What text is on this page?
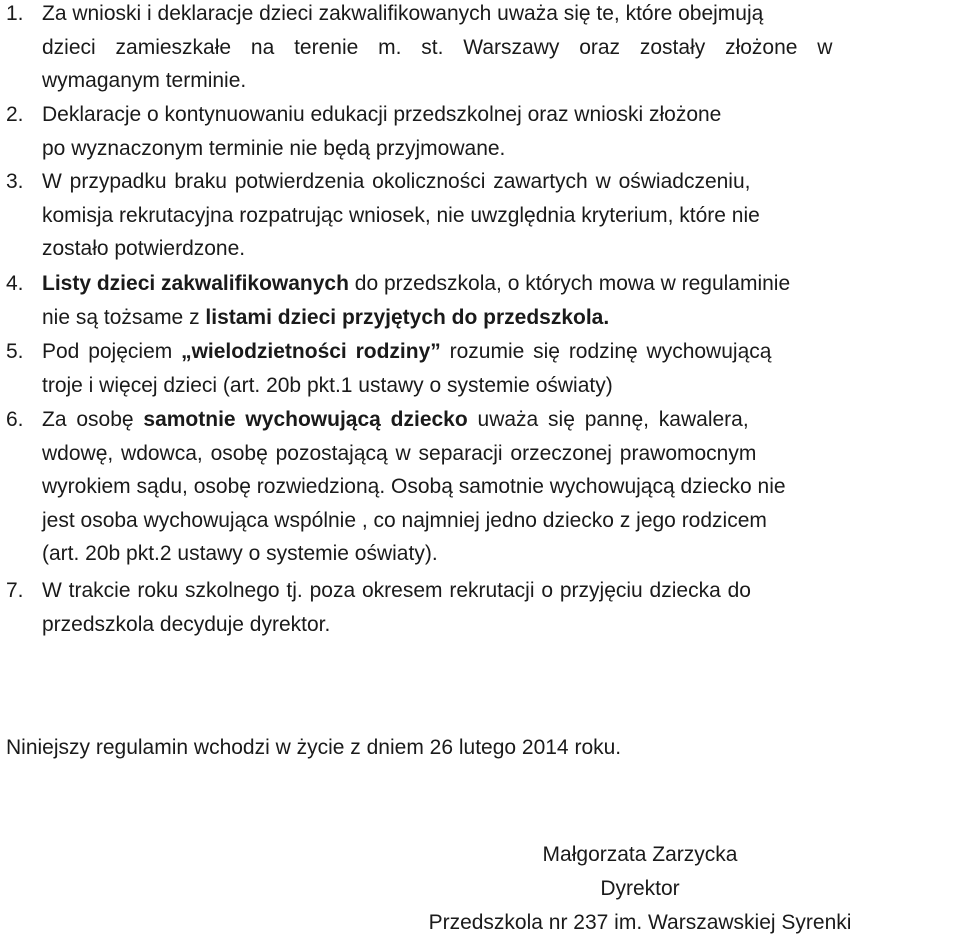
1. Za wnioski i deklaracje dzieci zakwalifikowanych uważa się te, które obejmują
dzieci zamieszkałe na terenie m. st. Warszawy oraz zostały złożone w
wymaganym terminie.
2. Deklaracje o kontynuowaniu edukacji przedszkolnej oraz wnioski złożone
po wyznaczonym terminie nie będą przyjmowane.
3. W przypadku braku potwierdzenia okoliczności zawartych w oświadczeniu,
komisja rekrutacyjna rozpatrując wniosek, nie uwzględnia kryterium, które nie
zostało potwierdzone.
4. Listy dzieci zakwalifikowanych do przedszkola, o których mowa w regulaminie
nie są tożsame z listami dzieci przyjętych do przedszkola.
5. Pod pojęciem „wielodzietności rodziny” rozumie się rodzinę wychowującą
troje i więcej dzieci (art. 20b pkt.1 ustawy o systemie oświaty)
6. Za osobę samotnie wychowującą dziecko uważa się pannę, kawalera,
wdowę, wdowca, osobę pozostającą w separacji orzeczonej prawomocnym
wyrokiem sądu, osobę rozwiedzioną. Osobą samotnie wychowującą dziecko nie
jest osoba wychowująca wspólnie , co najmniej jedno dziecko z jego rodzicem
(art. 20b pkt.2 ustawy o systemie oświaty).
7. W trakcie roku szkolnego tj. poza okresem rekrutacji o przyjęciu dziecka do
przedszkola decyduje dyrektor.
Niniejszy regulamin wchodzi w życie z dniem 26 lutego 2014 roku.
Małgorzata Zarzycka
Dyrektor
Przedszkola nr 237 im. Warszawskiej Syrenki
